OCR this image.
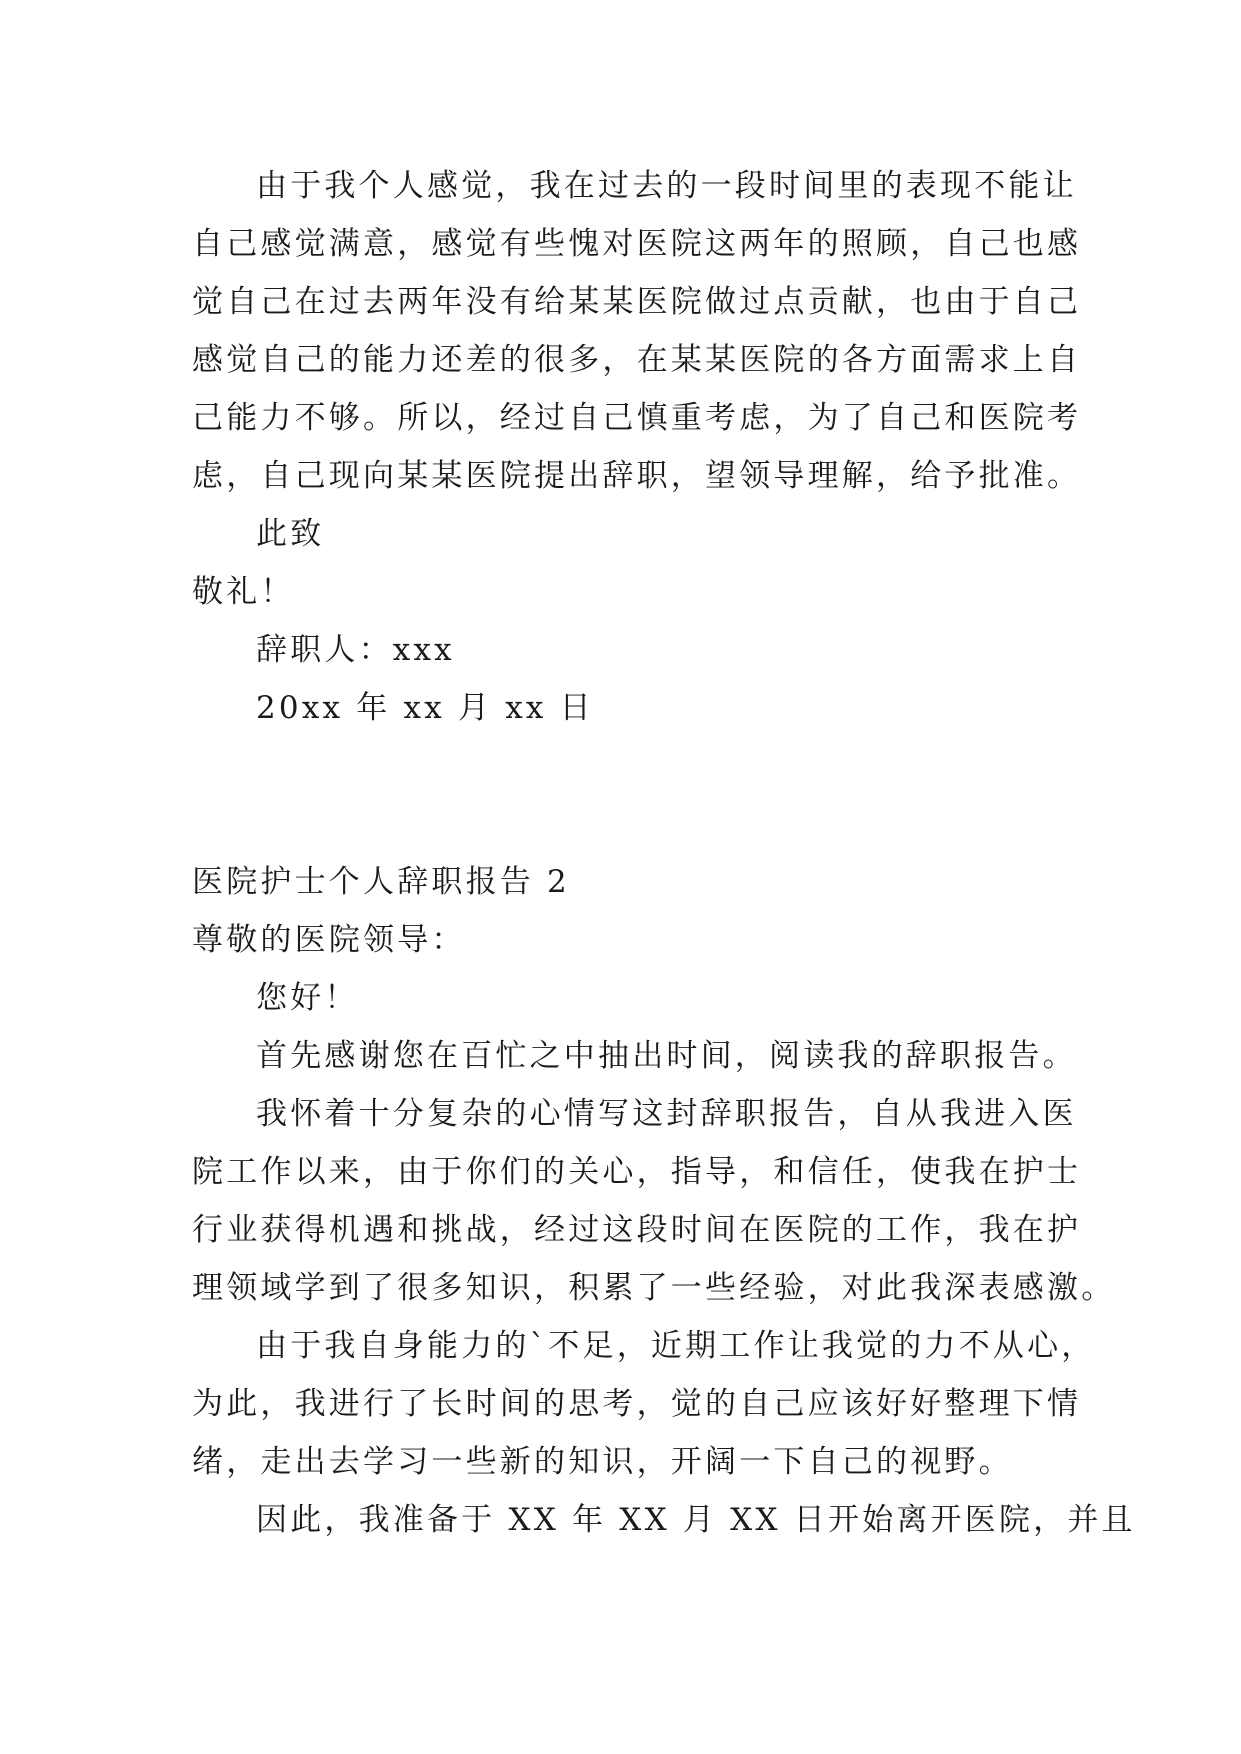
由于我个人感觉，我在过去的一段时间里的表现不能让
自己感觉满意，感觉有些愧对医院这两年的照顾，自己也感
觉自己在过去两年没有给某某医院做过点贡献，也由于自己
感觉自己的能力还差的很多，在某某医院的各方面需求上自
己能力不够。所以，经过自己慎重考虑，为了自己和医院考
虑，自己现向某某医院提出辞职，望领导理解，给予批准。
此致
敬礼！
辞职人：xxx
20xx 年 xx 月 xx 日
医院护士个人辞职报告 2
尊敬的医院领导：
您好！
首先感谢您在百忙之中抽出时间，阅读我的辞职报告。
我怀着十分复杂的心情写这封辞职报告，自从我进入医
院工作以来，由于你们的关心，指导，和信任，使我在护士
行业获得机遇和挑战，经过这段时间在医院的工作，我在护
理领域学到了很多知识，积累了一些经验，对此我深表感激。
由于我自身能力的`不足，近期工作让我觉的力不从心，
为此，我进行了长时间的思考，觉的自己应该好好整理下情
绪，走出去学习一些新的知识，开阔一下自己的视野。
因此，我准备于 XX 年 XX 月 XX 日开始离开医院，并且
